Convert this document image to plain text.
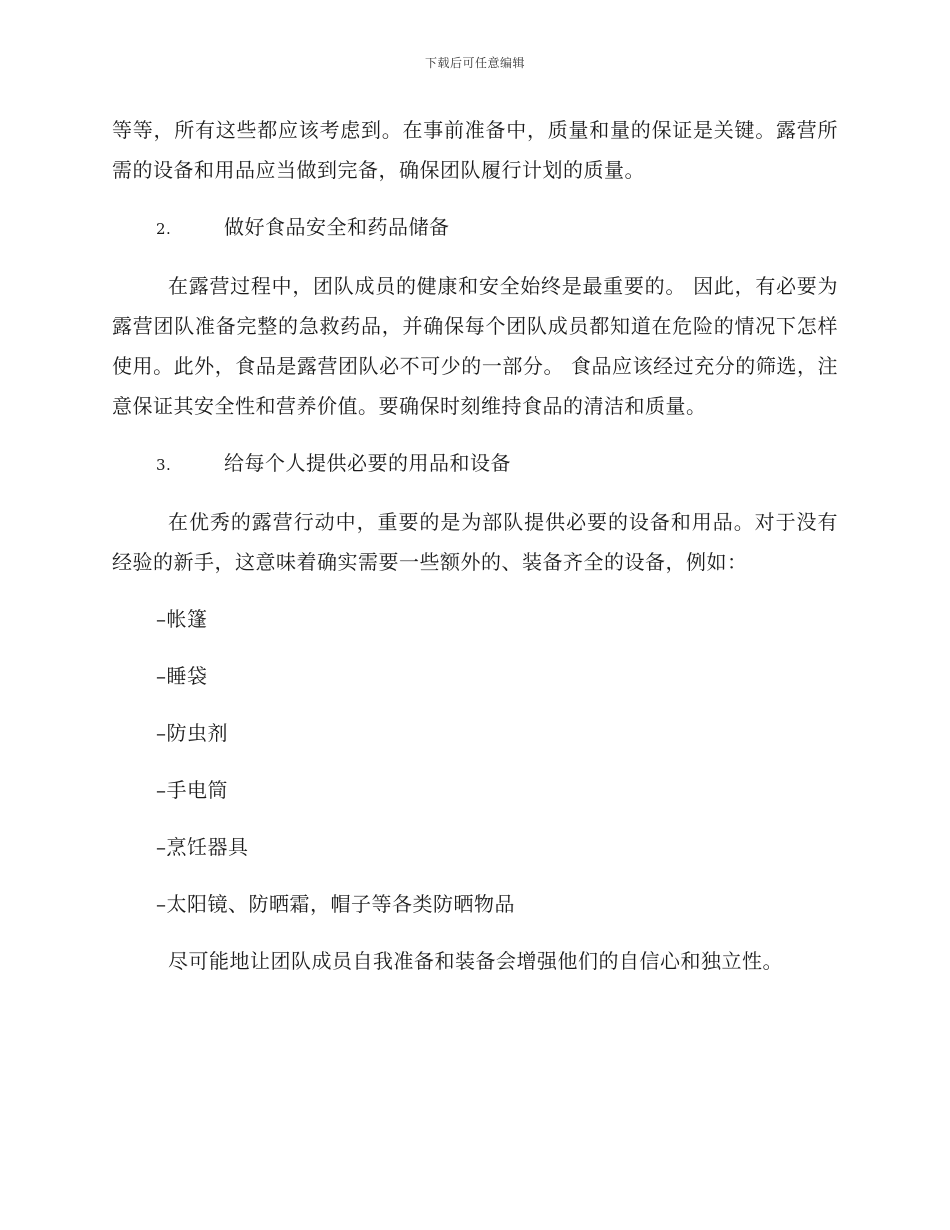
下载后可任意编辑

等等，所有这些都应该考虑到。在事前准备中，质量和量的保证是关键。露营所需的设备和用品应当做到完备，确保团队履行计划的质量。

2.	做好食品安全和药品储备

在露营过程中，团队成员的健康和安全始终是最重要的。 因此，有必要为露营团队准备完整的急救药品，并确保每个团队成员都知道在危险的情况下怎样使用。此外，食品是露营团队必不可少的一部分。 食品应该经过充分的筛选，注意保证其安全性和营养价值。要确保时刻维持食品的清洁和质量。

3.	给每个人提供必要的用品和设备

在优秀的露营行动中，重要的是为部队提供必要的设备和用品。对于没有经验的新手，这意味着确实需要一些额外的、装备齐全的设备，例如：

–帐篷
–睡袋
–防虫剂
–手电筒
–烹饪器具
–太阳镜、防晒霜，帽子等各类防晒物品

尽可能地让团队成员自我准备和装备会增强他们的自信心和独立性。
